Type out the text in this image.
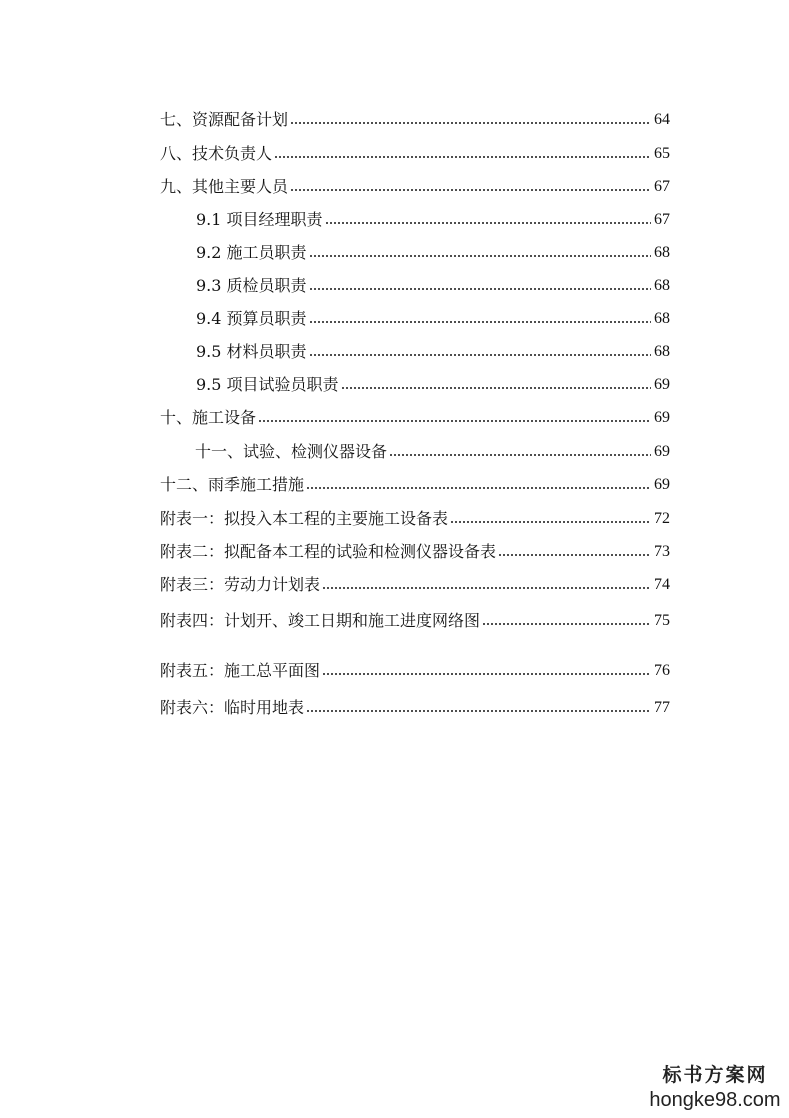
七、资源配备计划	64
八、技术负责人	65
九、其他主要人员	67
9.1 项目经理职责	67
9.2 施工员职责	68
9.3 质检员职责	68
9.4 预算员职责	68
9.5 材料员职责	68
9.5 项目试验员职责	69
十、施工设备	69
十一、试验、检测仪器设备	69
十二、雨季施工措施	69
附表一：拟投入本工程的主要施工设备表	72
附表二：拟配备本工程的试验和检测仪器设备表	73
附表三：劳动力计划表	74
附表四：计划开、竣工日期和施工进度网络图	75
附表五：施工总平面图	76
附表六：临时用地表	77
标书方案网
hongke98.com
